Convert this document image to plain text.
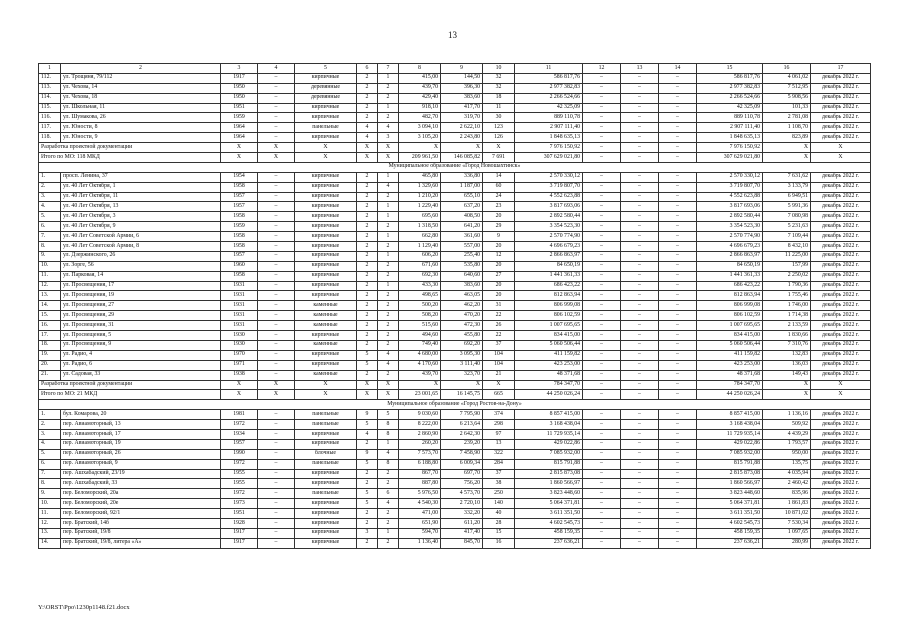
13
1	2	3	4	5	6	7	8	9	10	11	12	13	14	15	16	17
112.	ул. Трощяня, 79/112	1917	–	кирпичные	2	1	415,00	144,50	32	586 817,76	–	–	–	586 817,76	4 061,02	декабрь 2022 г.
113.	ул. Чехова, 14	1950	–	деревянные	2	2	439,70	396,30	32	2 977 382,83	–	–	–	2 977 382,83	7 512,95	декабрь 2022 г.
114.	ул. Чехова, 18	1950	–	деревянные	2	2	429,40	383,60	18	2 266 524,66	–	–	–	2 266 524,66	5 908,56	декабрь 2022 г.
115.	ул. Школьная, 11	1951	–	кирпичные	2	1	918,10	417,70	11	42 325,09	–	–	–	42 325,09	101,33	декабрь 2022 г.
116.	ул. Шумакова, 26	1959	–	кирпичные	2	2	482,70	319,70	30	889 110,78	–	–	–	889 110,78	2 781,08	декабрь 2022 г.
117.	ул. Юности, 8	1964	–	панельные	4	4	3 094,10	2 622,10	123	2 907 111,40	–	–	–	2 907 111,40	1 108,70	декабрь 2022 г.
118.	ул. Юности, 9	1964	–	кирпичные	4	3	3 105,20	2 243,80	126	1 848 635,13	–	–	–	1 848 635,13	823,89	декабрь 2022 г.
Разработка проектной документации		X	X	X	X	X	X	X	X	7 976 150,92	–	–	–	7 976 150,92	X	X
Итого по МО: 118 МКД		X	X	X	X	X	209 961,50	146 085,82	7 691	307 629 021,80	–	–	–	307 629 021,80	X	X
Муниципальное образование «Город Новошахтинск»																
1.	просп. Ленина, 37	1954	–	кирпичные	2	1	465,80	336,80	14	2 570 330,12	–	–	–	2 570 330,12	7 631,62	декабрь 2022 г.
2.	ул. 40 Лет Октября, 1	1958	–	кирпичные	2	4	1 329,60	1 187,00	60	3 719 807,70	–	–	–	3 719 807,70	3 133,79	декабрь 2022 г.
3.	ул. 40 Лет Октября, 11	1957	–	кирпичные	2	2	1 210,20	655,10	24	4 552 623,88	–	–	–	4 552 623,88	6 949,51	декабрь 2022 г.
4.	ул. 40 Лет Октября, 13	1957	–	кирпичные	2	1	1 229,40	637,20	23	3 817 693,06	–	–	–	3 817 693,06	5 991,36	декабрь 2022 г.
5.	ул. 40 Лет Октября, 3	1958	–	кирпичные	2	1	695,60	408,50	20	2 892 580,44	–	–	–	2 892 580,44	7 080,98	декабрь 2022 г.
6.	ул. 40 Лет Октября, 9	1959	–	кирпичные	2	2	1 318,50	641,20	29	3 354 523,30	–	–	–	3 354 523,30	5 231,63	декабрь 2022 г.
7.	ул. 40 Лет Советской Армии, 6	1958	–	кирпичные	2	1	662,80	361,60	9	2 570 774,90	–	–	–	2 570 774,90	7 109,44	декабрь 2022 г.
8.	ул. 40 Лет Советской Армии, 8	1958	–	кирпичные	2	2	1 129,40	557,00	20	4 696 679,23	–	–	–	4 696 679,23	8 432,10	декабрь 2022 г.
9.	ул. Дзержинского, 26	1957	–	кирпичные	2	1	606,20	255,40	12	2 866 863,97	–	–	–	2 866 863,97	11 225,00	декабрь 2022 г.
10.	ул. Зорге, 56	1960	–	кирпичные	2	2	671,60	535,80	20	84 650,19	–	–	–	84 650,19	157,99	декабрь 2022 г.
11.	ул. Парковая, 14	1958	–	кирпичные	2	2	692,30	640,60	27	1 441 361,33	–	–	–	1 441 361,33	2 250,02	декабрь 2022 г.
12.	ул. Просвещения, 17	1931	–	кирпичные	2	1	433,30	383,60	20	686 423,22	–	–	–	686 423,22	1 790,36	декабрь 2022 г.
13.	ул. Просвещения, 19	1931	–	кирпичные	2	2	498,65	463,05	20	812 863,94	–	–	–	812 863,94	1 755,46	декабрь 2022 г.
14.	ул. Просвещения, 27	1931	–	каменные	2	2	500,20	462,20	31	806 999,08	–	–	–	806 999,08	1 746,00	декабрь 2022 г.
15.	ул. Просвещения, 29	1931	–	каменные	2	2	508,20	470,20	22	806 102,59	–	–	–	806 102,59	1 714,38	декабрь 2022 г.
16.	ул. Просвещения, 31	1931	–	каменные	2	2	515,60	472,30	26	1 007 695,65	–	–	–	1 007 695,65	2 133,59	декабрь 2022 г.
17.	ул. Просвещения, 5	1930	–	кирпичные	2	2	494,60	455,80	22	834 415,00	–	–	–	834 415,00	1 830,66	декабрь 2022 г.
18.	ул. Просвещения, 9	1930	–	каменные	2	2	749,40	692,20	37	5 060 506,44	–	–	–	5 060 506,44	7 310,76	декабрь 2022 г.
19.	ул. Радио, 4	1970	–	кирпичные	5	4	4 680,00	3 095,30	104	411 159,82	–	–	–	411 159,82	132,83	декабрь 2022 г.
20.	ул. Радио, 6	1971	–	кирпичные	5	4	4 170,60	3 111,40	104	423 253,00	–	–	–	423 253,00	136,03	декабрь 2022 г.
21.	ул. Садовая, 33	1938	–	каменные	2	2	439,70	323,70	21	48 371,68	–	–	–	48 371,68	149,43	декабрь 2022 г.
Разработка проектной документации		X	X	X	X	X	X	X	X	784 347,70	–	–	–	784 347,70	X	X
Итого по МО: 21 МКД		X	X	X	X	X	23 001,65	16 145,75	665	44 250 026,24	–	–	–	44 250 026,24	X	X
Муниципальное образование «Город Ростов-на-Дону»																
1.	бул. Комарова, 20	1981	–	панельные	9	5	9 030,60	7 795,90	374	8 857 415,00	–	–	–	8 857 415,00	1 136,16	декабрь 2022 г.
2.	пер. Авиамоторный, 13	1972	–	панельные	5	8	8 222,00	6 213,64	298	3 168 438,04	–	–	–	3 168 438,04	509,92	декабрь 2022 г.
3.	пер. Авиамоторный, 17	1934	–	кирпичные	4	8	2 860,90	2 642,30	97	11 729 935,14	–	–	–	11 729 935,14	4 439,29	декабрь 2022 г.
4.	пер. Авиамоторный, 19	1957	–	кирпичные	2	1	260,20	239,20	13	429 022,86	–	–	–	429 022,86	1 793,57	декабрь 2022 г.
5.	пер. Авиамоторный, 26	1990	–	блочные	9	4	7 573,70	7 458,90	322	7 085 932,00	–	–	–	7 085 932,00	950,00	декабрь 2022 г.
6.	пер. Авиамоторный, 9	1972	–	панельные	5	8	6 188,80	6 009,34	284	815 791,88	–	–	–	815 791,88	135,75	декабрь 2022 г.
7.	пер. Ашхабадский, 23/19	1955	–	кирпичные	2	2	867,70	697,70	37	2 815 873,08	–	–	–	2 815 873,08	4 035,94	декабрь 2022 г.
8.	пер. Ашхабадский, 33	1955	–	кирпичные	2	2	887,80	756,20	38	1 860 566,97	–	–	–	1 860 566,97	2 460,42	декабрь 2022 г.
9.	пер. Беломорский, 20а	1972	–	панельные	5	6	5 976,50	4 573,70	250	3 823 448,60	–	–	–	3 823 448,60	835,96	декабрь 2022 г.
10.	пер. Беломорский, 20е	1973	–	кирпичные	5	4	4 540,30	2 720,10	140	5 064 371,81	–	–	–	5 064 371,81	1 861,83	декабрь 2022 г.
11.	пер. Беломорский, 92/1	1951	–	кирпичные	2	2	471,00	332,20	40	3 611 351,50	–	–	–	3 611 351,50	10 871,02	декабрь 2022 г.
12.	пер. Братский, 14б	1928	–	кирпичные	2	2	651,90	611,20	28	4 602 545,73	–	–	–	4 602 545,73	7 530,34	декабрь 2022 г.
13.	пер. Братский, 19/8	1917	–	кирпичные	3	1	594,70	417,40	15	458 159,35	–	–	–	458 159,35	1 097,65	декабрь 2022 г.
14.	пер. Братский, 19/8, литера «А»	1917	–	кирпичные	2	2	1 136,40	845,70	16	237 636,21	–	–	–	237 636,21	280,99	декабрь 2022 г.
Y:\ORST\Ppo\1230p1148.f21.docx
